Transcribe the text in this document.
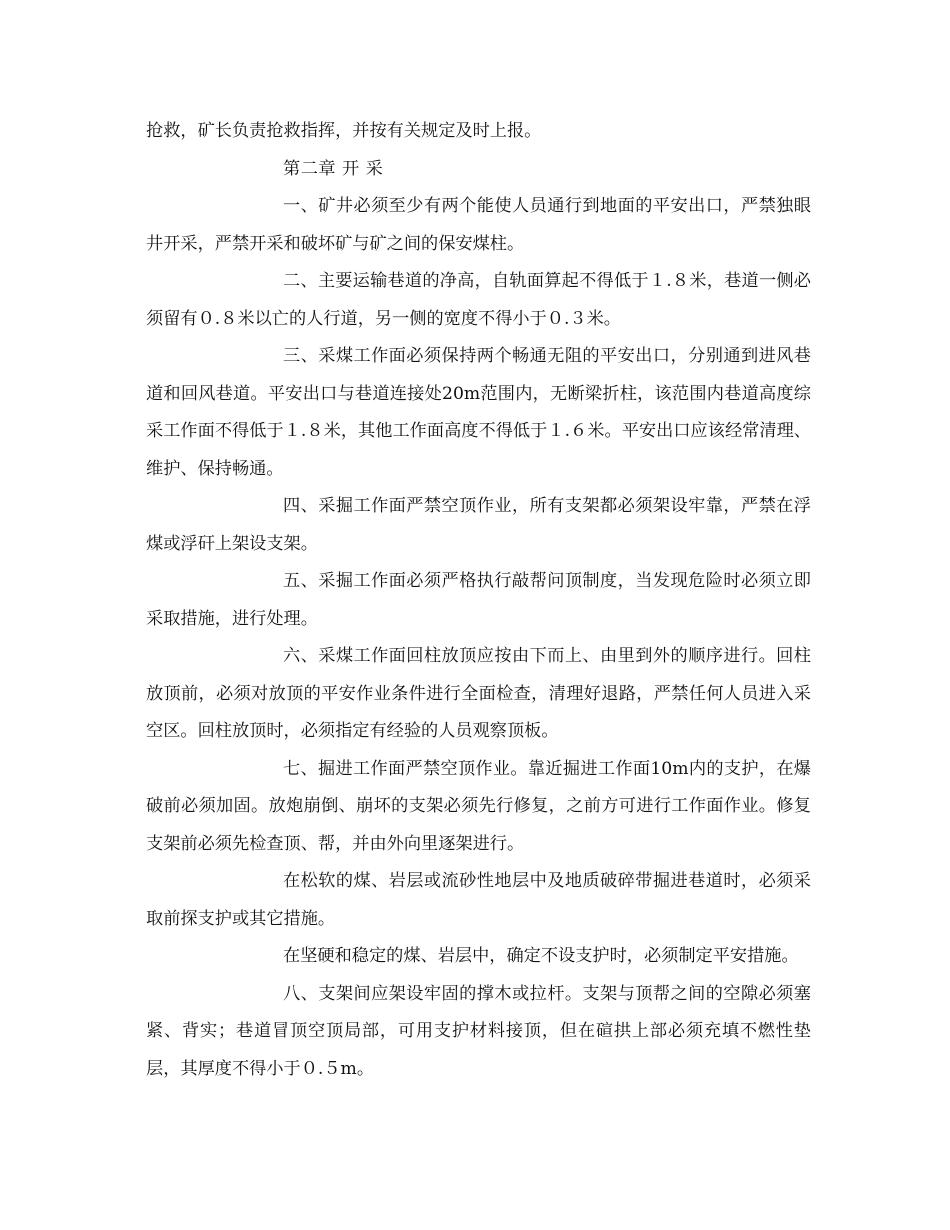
抢救，矿长负责抢救指挥，并按有关规定及时上报。

第二章 开 采

一、矿井必须至少有两个能使人员通行到地面的平安出口，严禁独眼井开采，严禁开采和破坏矿与矿之间的保安煤柱。

二、主要运输巷道的净高，自轨面算起不得低于１.８米，巷道一侧必须留有０.８米以亡的人行道，另一侧的宽度不得小于０.３米。

三、采煤工作面必须保持两个畅通无阻的平安出口，分别通到进风巷道和回风巷道。平安出口与巷道连接处20m范围内，无断梁折柱，该范围内巷道高度综采工作面不得低于１.８米，其他工作面高度不得低于１.６米。平安出口应该经常清理、维护、保持畅通。

四、采掘工作面严禁空顶作业，所有支架都必须架设牢靠，严禁在浮煤或浮矸上架设支架。

五、采掘工作面必须严格执行敲帮问顶制度，当发现危险时必须立即采取措施，进行处理。

六、采煤工作面回柱放顶应按由下而上、由里到外的顺序进行。回柱放顶前，必须对放顶的平安作业条件进行全面检查，清理好退路，严禁任何人员进入采空区。回柱放顶时，必须指定有经验的人员观察顶板。

七、掘进工作面严禁空顶作业。靠近掘进工作面10m内的支护，在爆破前必须加固。放炮崩倒、崩坏的支架必须先行修复，之前方可进行工作面作业。修复支架前必须先检查顶、帮，并由外向里逐架进行。

在松软的煤、岩层或流砂性地层中及地质破碎带掘进巷道时，必须采取前探支护或其它措施。

在坚硬和稳定的煤、岩层中，确定不设支护时，必须制定平安措施。

八、支架间应架设牢固的撑木或拉杆。支架与顶帮之间的空隙必须塞紧、背实；巷道冒顶空顶局部，可用支护材料接顶，但在碹拱上部必须充填不燃性垫层，其厚度不得小于０.５m。
